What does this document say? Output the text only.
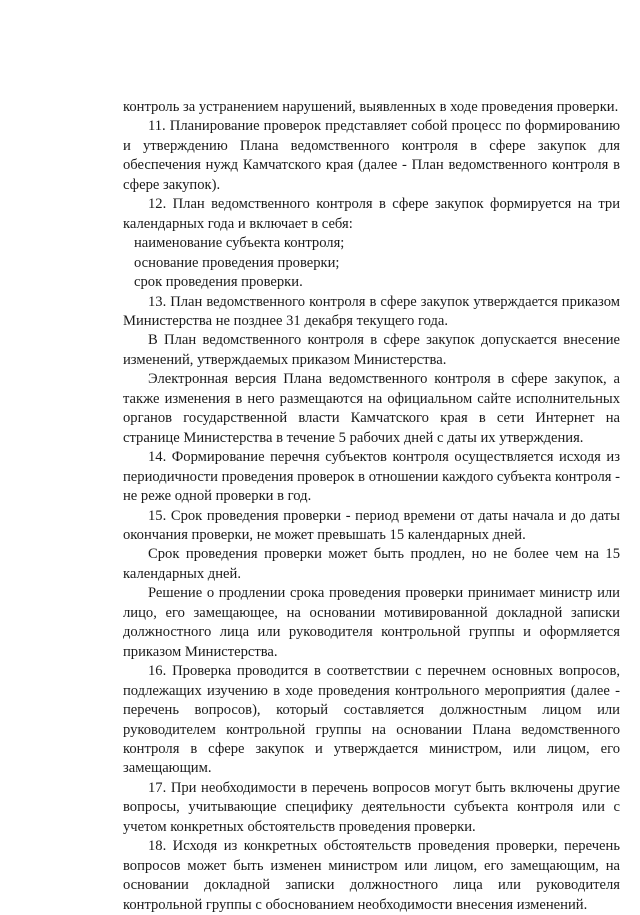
контроль за устранением нарушений, выявленных в ходе проведения проверки.

11. Планирование проверок представляет собой процесс по формированию и утверждению Плана ведомственного контроля в сфере закупок для обеспечения нужд Камчатского края (далее - План ведомственного контроля в сфере закупок).

12. План ведомственного контроля в сфере закупок формируется на три календарных года и включает в себя:

наименование субъекта контроля;

основание проведения проверки;

срок проведения проверки.

13. План ведомственного контроля в сфере закупок утверждается приказом Министерства не позднее 31 декабря текущего года.

В План ведомственного контроля в сфере закупок допускается внесение изменений, утверждаемых приказом Министерства.

Электронная версия Плана ведомственного контроля в сфере закупок, а также изменения в него размещаются на официальном сайте исполнительных органов государственной власти Камчатского края в сети Интернет на странице Министерства в течение 5 рабочих дней с даты их утверждения.

14. Формирование перечня субъектов контроля осуществляется исходя из периодичности проведения проверок в отношении каждого субъекта контроля - не реже одной проверки в год.

15. Срок проведения проверки - период времени от даты начала и до даты окончания проверки, не может превышать 15 календарных дней.

Срок проведения проверки может быть продлен, но не более чем на 15 календарных дней.

Решение о продлении срока проведения проверки принимает министр или лицо, его замещающее, на основании мотивированной докладной записки должностного лица или руководителя контрольной группы и оформляется приказом Министерства.

16. Проверка проводится в соответствии с перечнем основных вопросов, подлежащих изучению в ходе проведения контрольного мероприятия (далее - перечень вопросов), который составляется должностным лицом или руководителем контрольной группы на основании Плана ведомственного контроля в сфере закупок и утверждается министром, или лицом, его замещающим.

17. При необходимости в перечень вопросов могут быть включены другие вопросы, учитывающие специфику деятельности субъекта контроля или с учетом конкретных обстоятельств проведения проверки.

18. Исходя из конкретных обстоятельств проведения проверки, перечень вопросов может быть изменен министром или лицом, его замещающим, на основании докладной записки должностного лица или руководителя контрольной группы с обоснованием необходимости внесения изменений.
